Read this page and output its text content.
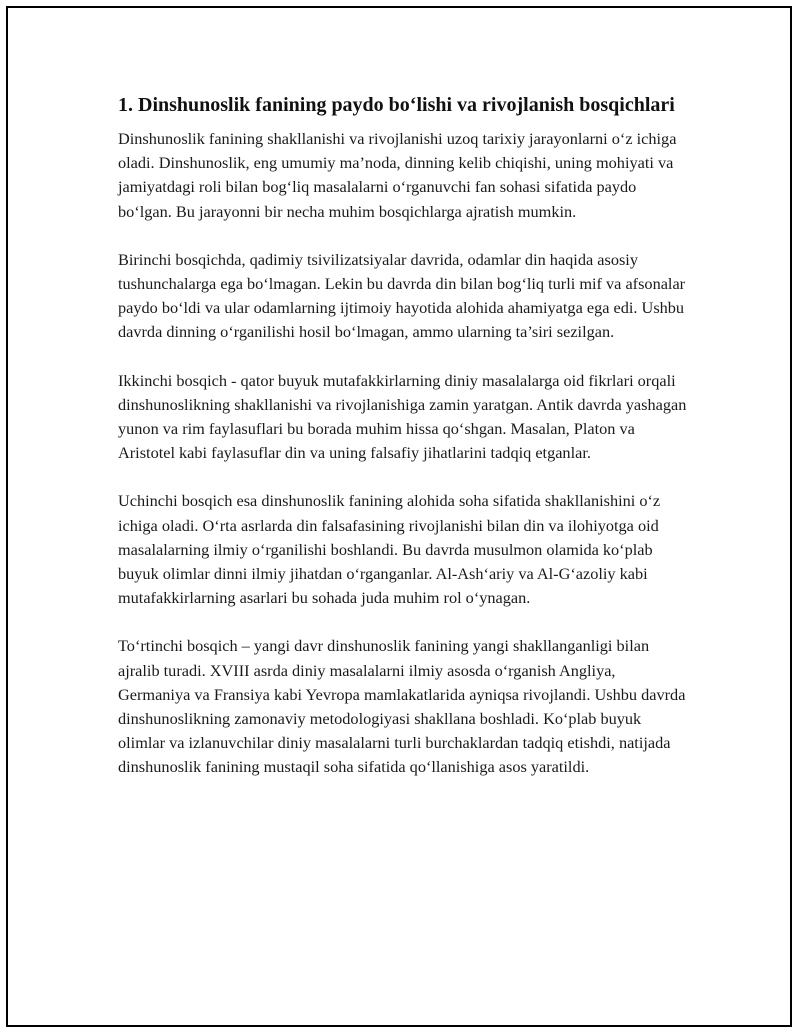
1. Dinshunoslik fanining paydo bo‘lishi va rivojlanish bosqichlari

Dinshunoslik fanining shakllanishi va rivojlanishi uzoq tarixiy jarayonlarni o‘z ichiga oladi. Dinshunoslik, eng umumiy ma’noda, dinning kelib chiqishi, uning mohiyati va jamiyatdagi roli bilan bog‘liq masalalarni o‘rganuvchi fan sohasi sifatida paydo bo‘lgan. Bu jarayonni bir necha muhim bosqichlarga ajratish mumkin.

Birinchi bosqichda, qadimiy tsivilizatsiyalar davrida, odamlar din haqida asosiy tushunchalarga ega bo‘lmagan. Lekin bu davrda din bilan bog‘liq turli mif va afsonalar paydo bo‘ldi va ular odamlarning ijtimoiy hayotida alohida ahamiyatga ega edi. Ushbu davrda dinning o‘rganilishi hosil bo‘lmagan, ammo ularning ta’siri sezilgan.

Ikkinchi bosqich - qator buyuk mutafakkirlarning diniy masalalarga oid fikrlari orqali dinshunoslikning shakllanishi va rivojlanishiga zamin yaratgan. Antik davrda yashagan yunon va rim faylasuflari bu borada muhim hissa qo‘shgan. Masalan, Platon va Aristotel kabi faylasuflar din va uning falsafiy jihatlarini tadqiq etganlar.

Uchinchi bosqich esa dinshunoslik fanining alohida soha sifatida shakllanishini o‘z ichiga oladi. O‘rta asrlarda din falsafasining rivojlanishi bilan din va ilohiyotga oid masalalarning ilmiy o‘rganilishi boshlandi. Bu davrda musulmon olamida ko‘plab buyuk olimlar dinni ilmiy jihatdan o‘rganganlar. Al-Ash‘ariy va Al-G‘azoliy kabi mutafakkirlarning asarlari bu sohada juda muhim rol o‘ynagan.

To‘rtinchi bosqich – yangi davr dinshunoslik fanining yangi shakllanganligi bilan ajralib turadi. XVIII asrda diniy masalalarni ilmiy asosda o‘rganish Angliya, Germaniya va Fransiya kabi Yevropa mamlakatlarida ayniqsa rivojlandi. Ushbu davrda dinshunoslikning zamonaviy metodologiyasi shakllana boshladi. Ko‘plab buyuk olimlar va izlanuvchilar diniy masalalarni turli burchaklardan tadqiq etishdi, natijada dinshunoslik fanining mustaqil soha sifatida qo‘llanishiga asos yaratildi.
